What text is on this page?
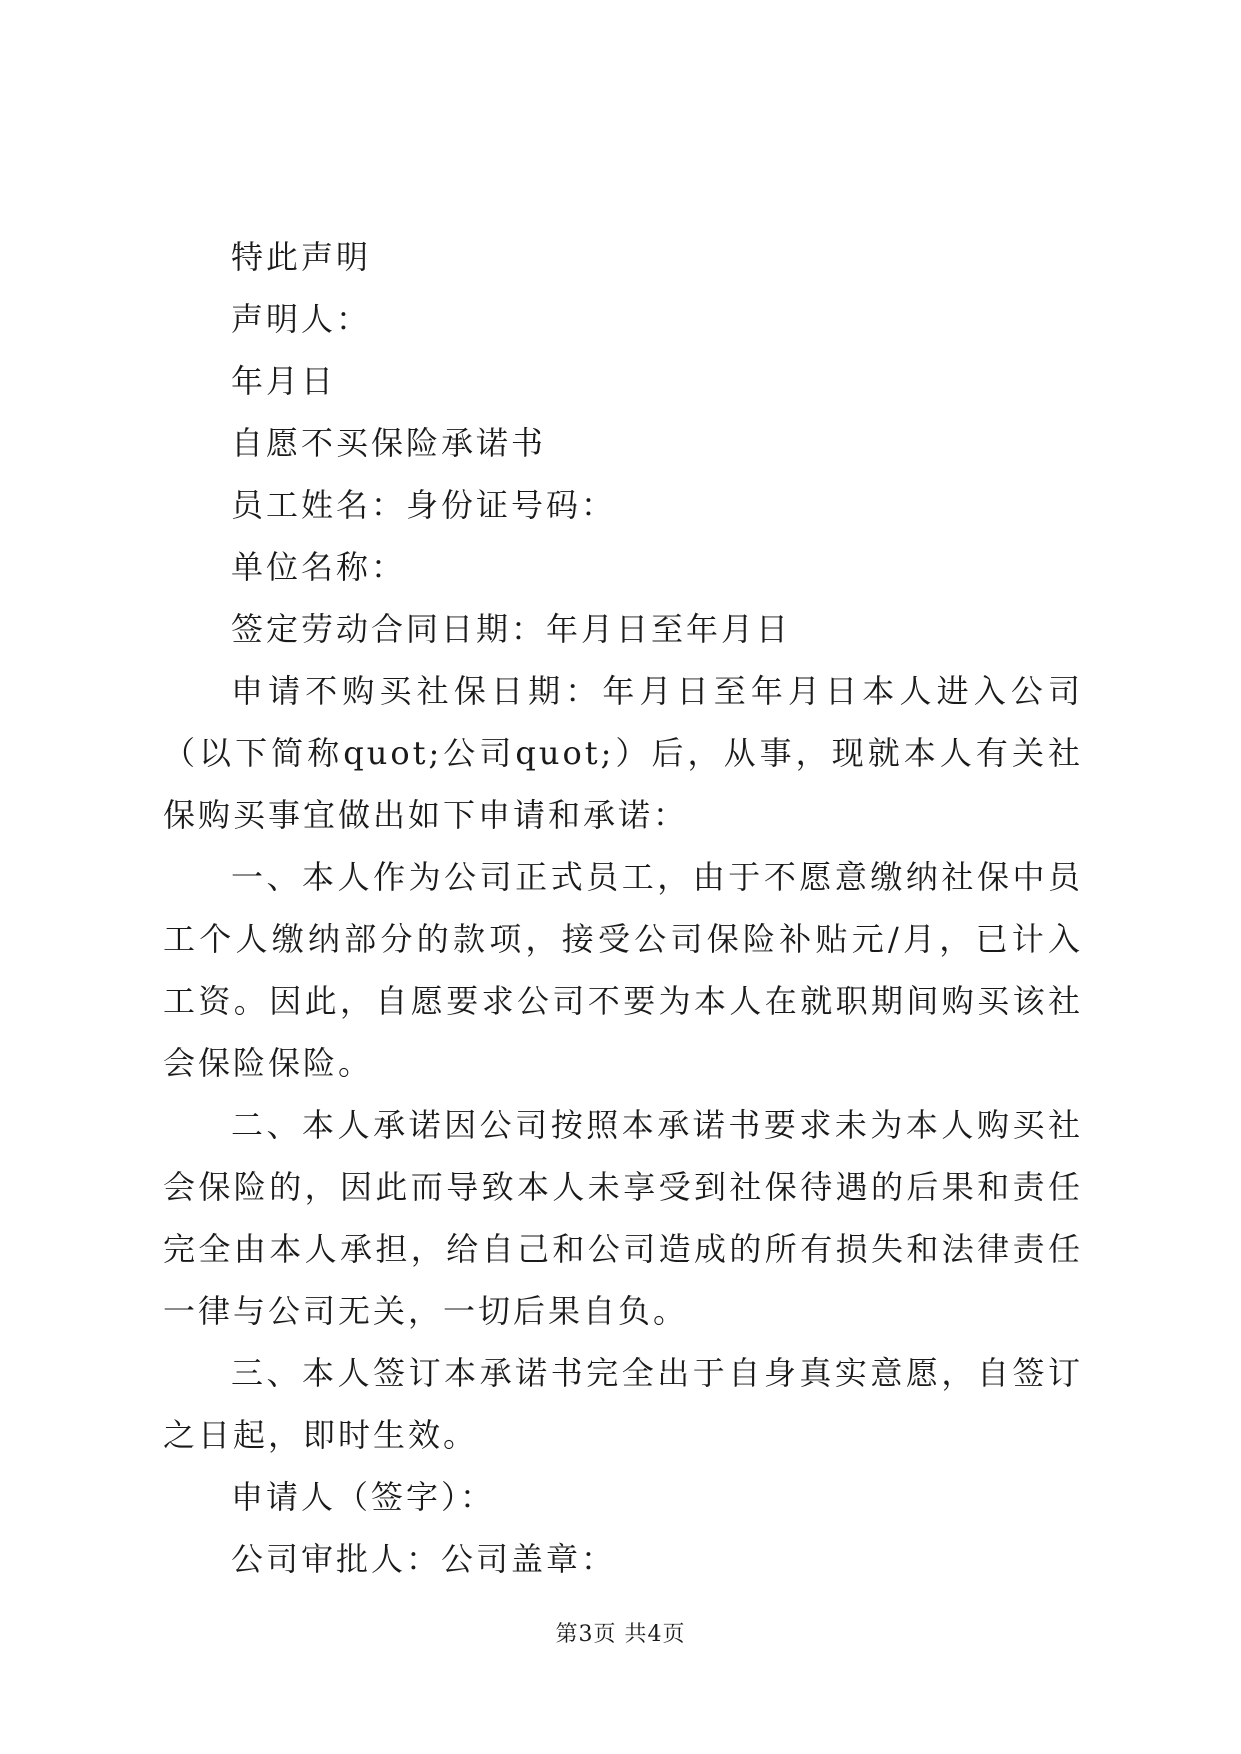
特此声明

声明人：

年月日

自愿不买保险承诺书

员工姓名：身份证号码：

单位名称：

签定劳动合同日期：年月日至年月日

申请不购买社保日期：年月日至年月日本人进入公司（以下简称quot;公司quot;）后，从事，现就本人有关社保购买事宜做出如下申请和承诺：

一、本人作为公司正式员工，由于不愿意缴纳社保中员工个人缴纳部分的款项，接受公司保险补贴元/月，已计入工资。因此，自愿要求公司不要为本人在就职期间购买该社会保险保险。

二、本人承诺因公司按照本承诺书要求未为本人购买社会保险的，因此而导致本人未享受到社保待遇的后果和责任完全由本人承担，给自己和公司造成的所有损失和法律责任一律与公司无关，一切后果自负。

三、本人签订本承诺书完全出于自身真实意愿，自签订之日起，即时生效。

申请人（签字）：

公司审批人：公司盖章：

第3页 共4页
